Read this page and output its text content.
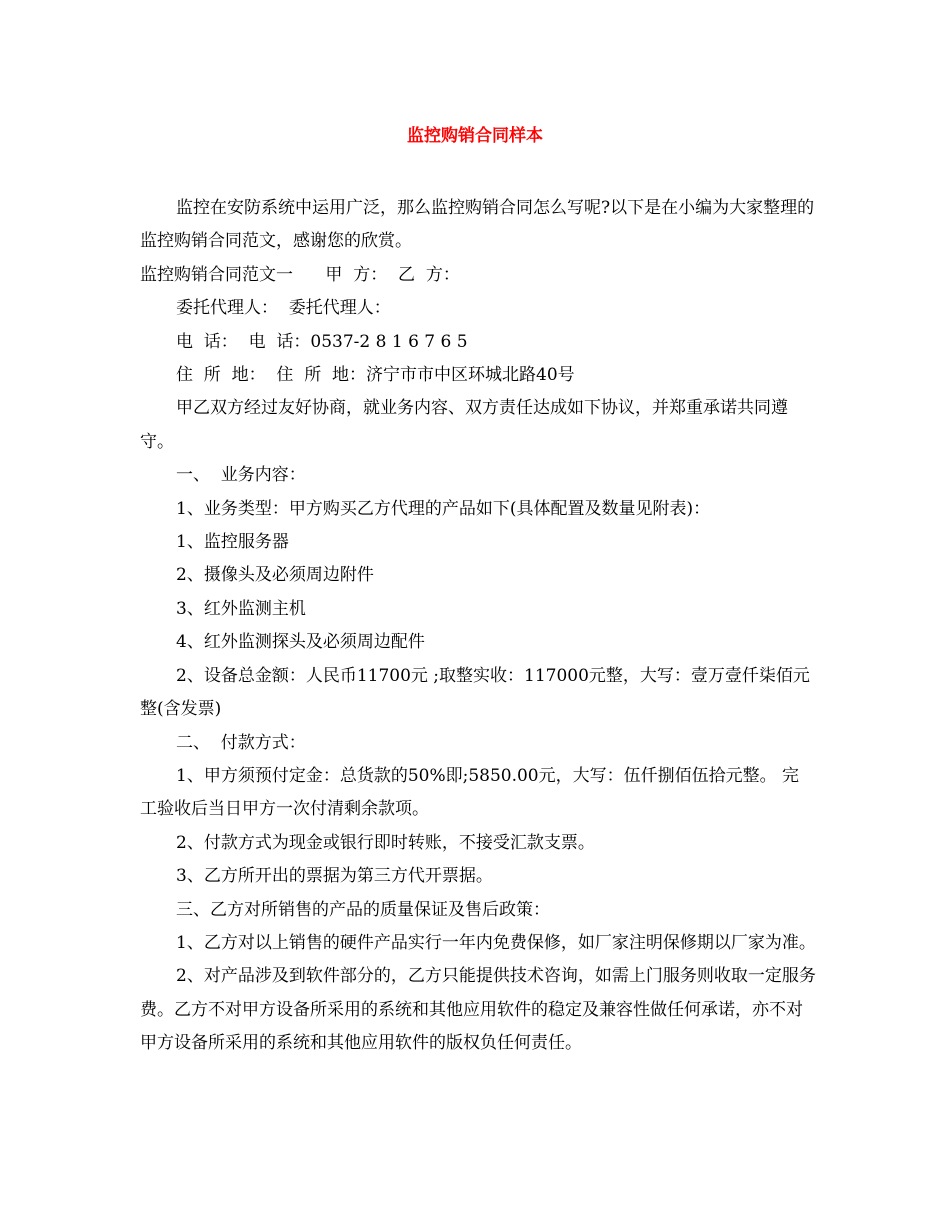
监控购销合同样本

监控在安防系统中运用广泛，那么监控购销合同怎么写呢?以下是在小编为大家整理的监控购销合同范文，感谢您的欣赏。

监控购销合同范文一      甲  方：  乙  方：

委托代理人：  委托代理人：

电  话：  电  话：0537-2 8 1 6 7 6 5

住  所  地：  住  所  地：济宁市市中区环城北路40号

甲乙双方经过友好协商，就业务内容、双方责任达成如下协议，并郑重承诺共同遵守。

一、  业务内容：

1、业务类型：甲方购买乙方代理的产品如下(具体配置及数量见附表)：

1、监控服务器

2、摄像头及必须周边附件

3、红外监测主机

4、红外监测探头及必须周边配件

2、设备总金额：人民币11700元 ;取整实收：117000元整，大写：壹万壹仟柒佰元整(含发票)

二、  付款方式：

1、甲方须预付定金：总货款的50%即;5850.00元，大写：伍仟捌佰伍拾元整。 完工验收后当日甲方一次付清剩余款项。

2、付款方式为现金或银行即时转账，不接受汇款支票。

3、乙方所开出的票据为第三方代开票据。

三、乙方对所销售的产品的质量保证及售后政策：

1、乙方对以上销售的硬件产品实行一年内免费保修，如厂家注明保修期以厂家为准。

2、对产品涉及到软件部分的，乙方只能提供技术咨询，如需上门服务则收取一定服务费。乙方不对甲方设备所采用的系统和其他应用软件的稳定及兼容性做任何承诺，亦不对甲方设备所采用的系统和其他应用软件的版权负任何责任。
